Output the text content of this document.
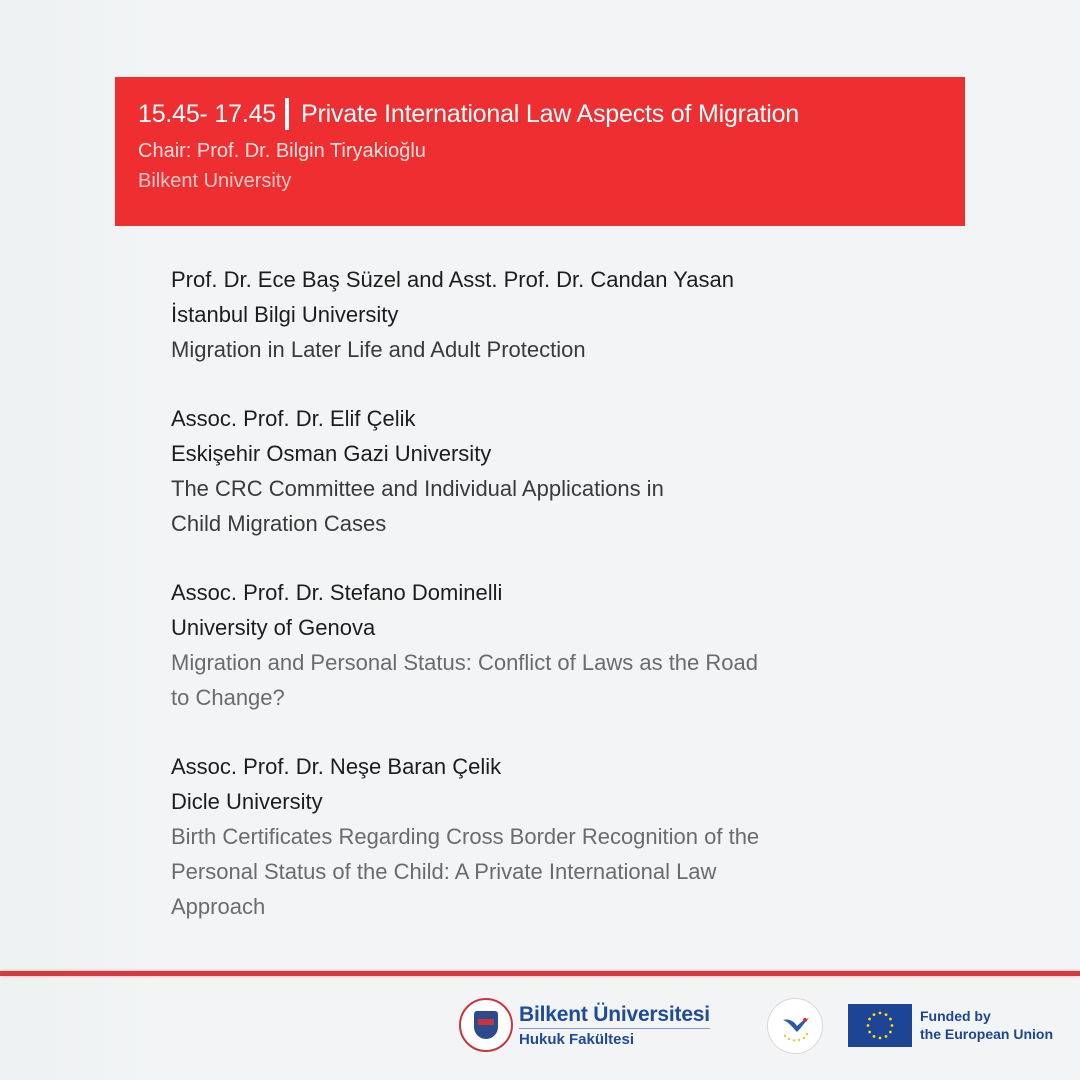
15.45- 17.45 Private International Law Aspects of Migration
Chair: Prof. Dr. Bilgin Tiryakioğlu
Bilkent University
Prof. Dr. Ece Baş Süzel and Asst. Prof. Dr. Candan Yasan
İstanbul Bilgi University
Migration in Later Life and Adult Protection
Assoc. Prof. Dr. Elif Çelik
Eskişehir Osman Gazi University
The CRC Committee and Individual Applications in
Child Migration Cases
Assoc. Prof. Dr. Stefano Dominelli
University of Genova
Migration and Personal Status: Conflict of Laws as the Road
to Change?
Assoc. Prof. Dr. Neşe Baran Çelik
Dicle University
Birth Certificates Regarding Cross Border Recognition of the
Personal Status of the Child: A Private International Law
Approach
Bilkent Üniversitesi
Hukuk Fakültesi
Funded by
the European Union
